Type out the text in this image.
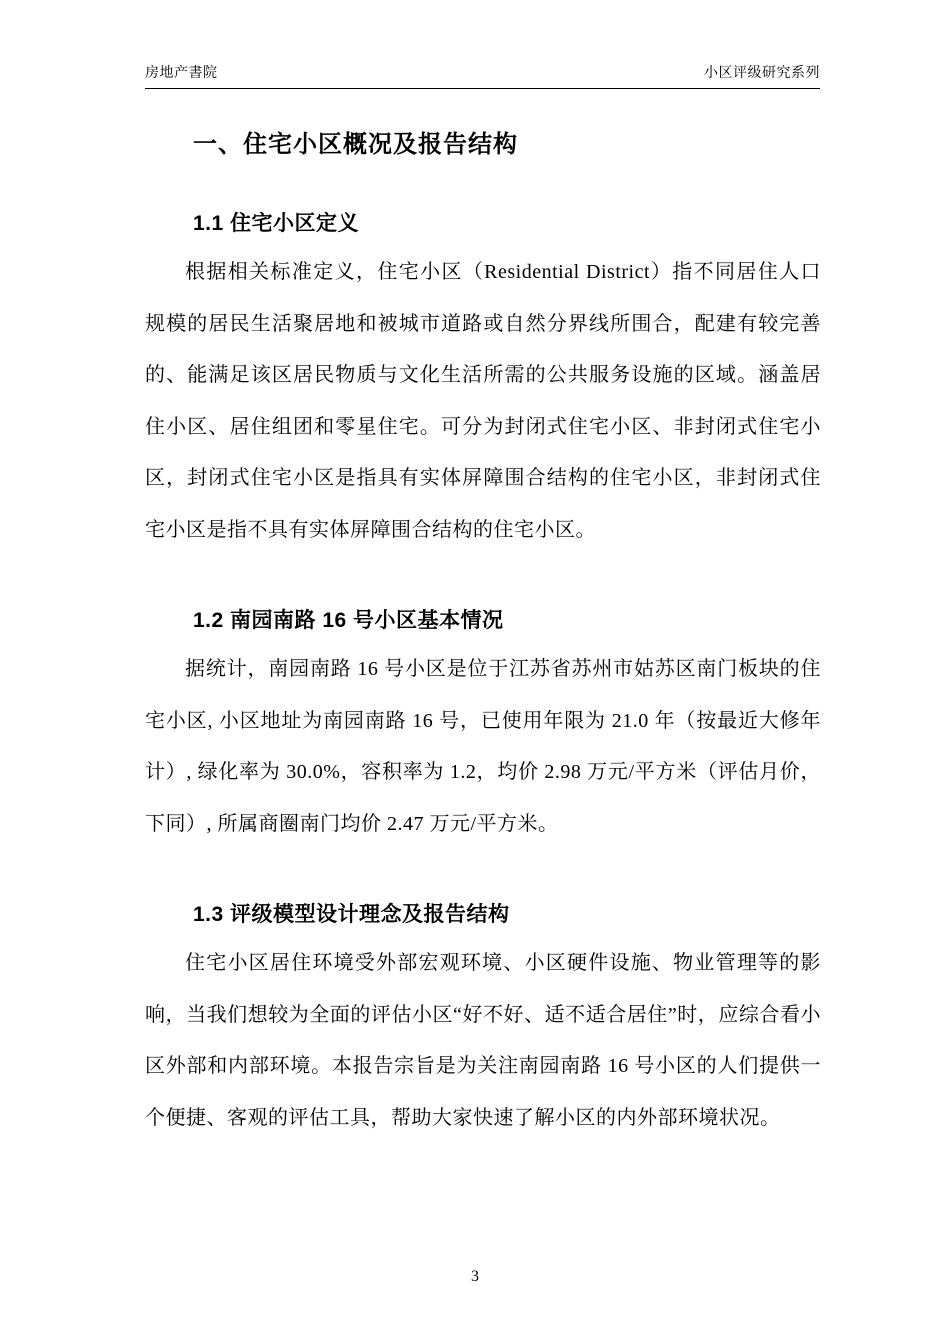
房地产書院	小区评级研究系列
一、住宅小区概况及报告结构
1.1 住宅小区定义

根据相关标准定义，住宅小区（Residential District）指不同居住人口规模的居民生活聚居地和被城市道路或自然分界线所围合，配建有较完善的、能满足该区居民物质与文化生活所需的公共服务设施的区域。涵盖居住小区、居住组团和零星住宅。可分为封闭式住宅小区、非封闭式住宅小区，封闭式住宅小区是指具有实体屏障围合结构的住宅小区，非封闭式住宅小区是指不具有实体屏障围合结构的住宅小区。

1.2 南园南路 16 号小区基本情况

据统计，南园南路 16 号小区是位于江苏省苏州市姑苏区南门板块的住宅小区, 小区地址为南园南路 16 号，已使用年限为 21.0 年（按最近大修年计）, 绿化率为 30.0%，容积率为 1.2，均价 2.98 万元/平方米（评估月价，下同）, 所属商圈南门均价 2.47 万元/平方米。

1.3 评级模型设计理念及报告结构

住宅小区居住环境受外部宏观环境、小区硬件设施、物业管理等的影响，当我们想较为全面的评估小区“好不好、适不适合居住”时，应综合看小区外部和内部环境。本报告宗旨是为关注南园南路 16 号小区的人们提供一个便捷、客观的评估工具，帮助大家快速了解小区的内外部环境状况。

3
